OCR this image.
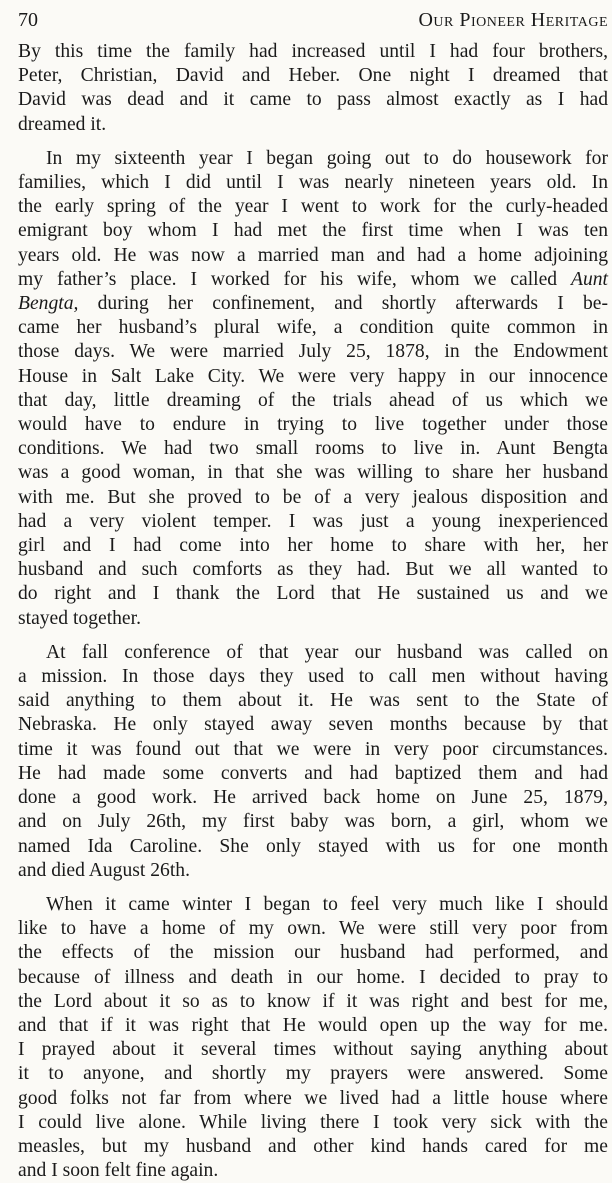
70	Our Pioneer Heritage

By this time the family had increased until I had four brothers,
Peter, Christian, David and Heber. One night I dreamed that
David was dead and it came to pass almost exactly as I had
dreamed it.

In my sixteenth year I began going out to do housework for
families, which I did until I was nearly nineteen years old. In
the early spring of the year I went to work for the curly-headed
emigrant boy whom I had met the first time when I was ten
years old. He was now a married man and had a home adjoining
my father’s place. I worked for his wife, whom we called Aunt
Bengta, during her confinement, and shortly afterwards I be-
came her husband’s plural wife, a condition quite common in
those days. We were married July 25, 1878, in the Endowment
House in Salt Lake City. We were very happy in our innocence
that day, little dreaming of the trials ahead of us which we
would have to endure in trying to live together under those
conditions. We had two small rooms to live in. Aunt Bengta
was a good woman, in that she was willing to share her husband
with me. But she proved to be of a very jealous disposition and
had a very violent temper. I was just a young inexperienced
girl and I had come into her home to share with her, her
husband and such comforts as they had. But we all wanted to
do right and I thank the Lord that He sustained us and we
stayed together.

At fall conference of that year our husband was called on
a mission. In those days they used to call men without having
said anything to them about it. He was sent to the State of
Nebraska. He only stayed away seven months because by that
time it was found out that we were in very poor circumstances.
He had made some converts and had baptized them and had
done a good work. He arrived back home on June 25, 1879,
and on July 26th, my first baby was born, a girl, whom we
named Ida Caroline. She only stayed with us for one month
and died August 26th.

When it came winter I began to feel very much like I should
like to have a home of my own. We were still very poor from
the effects of the mission our husband had performed, and
because of illness and death in our home. I decided to pray to
the Lord about it so as to know if it was right and best for me,
and that if it was right that He would open up the way for me.
I prayed about it several times without saying anything about
it to anyone, and shortly my prayers were answered. Some
good folks not far from where we lived had a little house where
I could live alone. While living there I took very sick with the
measles, but my husband and other kind hands cared for me
and I soon felt fine again.
